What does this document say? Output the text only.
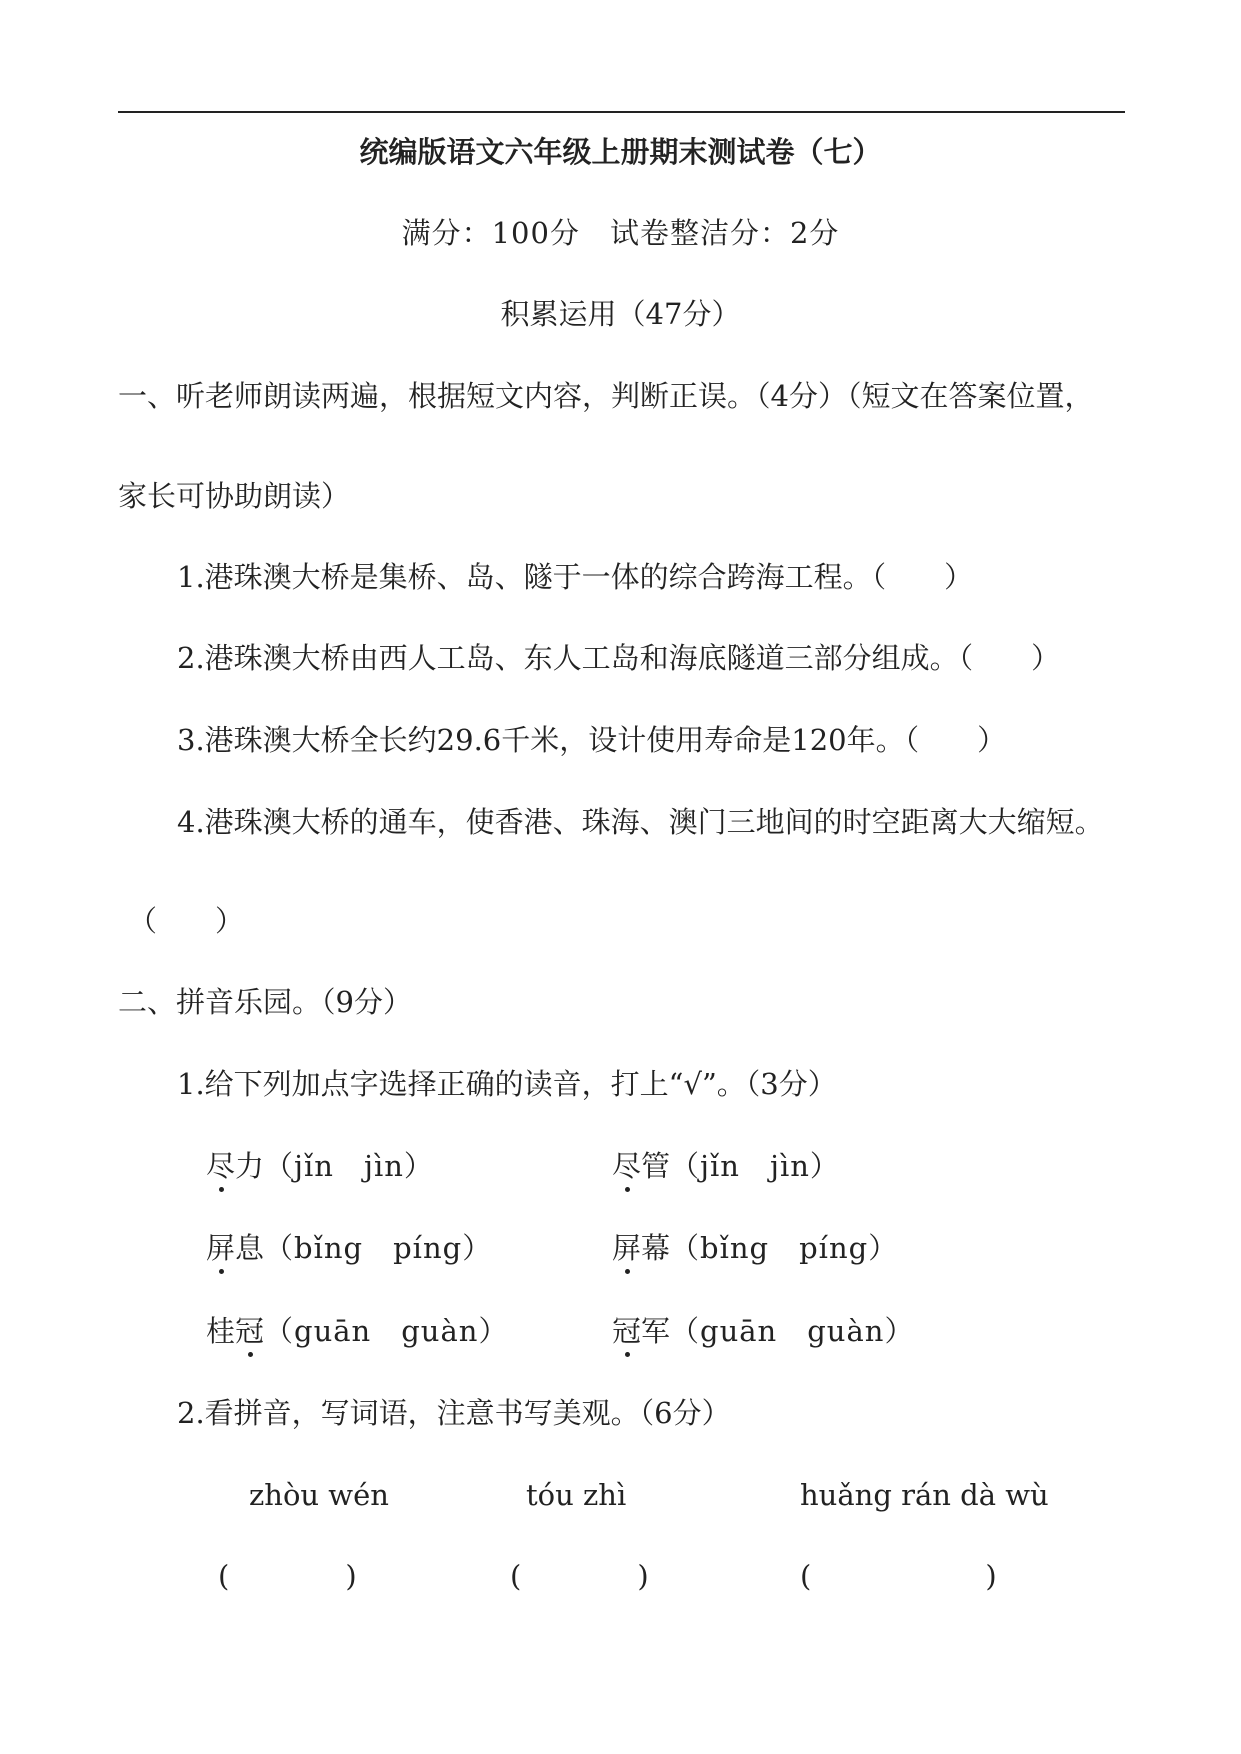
统编版语文六年级上册期末测试卷（七）
满分：100分　试卷整洁分：2分
积累运用（47分）
一、听老师朗读两遍，根据短文内容，判断正误。（4分）（短文在答案位置，
家长可协助朗读）
1.港珠澳大桥是集桥、岛、隧于一体的综合跨海工程。（　　）
2.港珠澳大桥由西人工岛、东人工岛和海底隧道三部分组成。（　　）
3.港珠澳大桥全长约29.6千米，设计使用寿命是120年。（　　）
4.港珠澳大桥的通车，使香港、珠海、澳门三地间的时空距离大大缩短。
（　　）
二、拼音乐园。（9分）
1.给下列加点字选择正确的读音，打上“√”。（3分）
尽力（jǐn　jìn）	尽管（jǐn　jìn）
屏息（bǐng　píng）	屏幕（bǐng　píng）
桂冠（guān　guàn）	冠军（guān　guàn）
2.看拼音，写词语，注意书写美观。（6分）
zhòu wén	tóu zhì	huǎng rán dà wù
(　　　　)	(　　　　)	(　　　　　　)
